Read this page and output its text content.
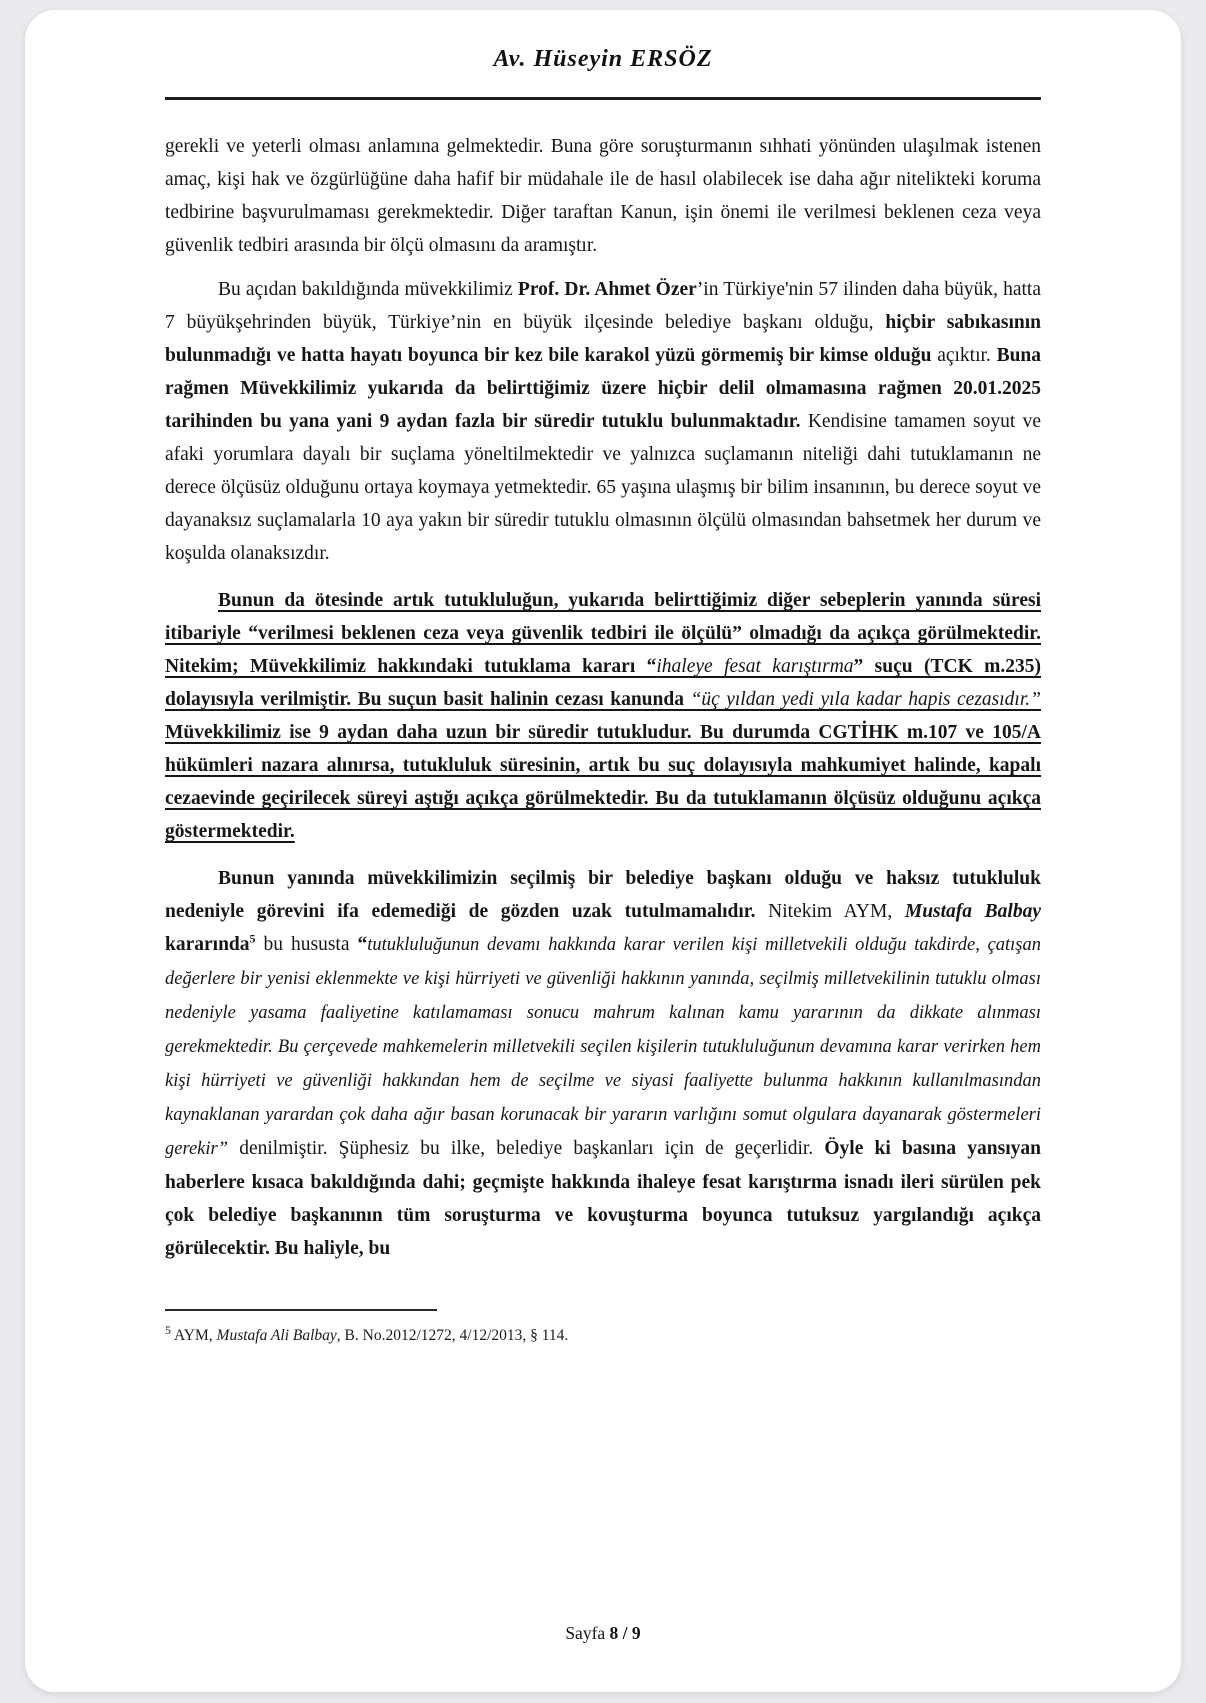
Av. Hüseyin ERSÖZ

gerekli ve yeterli olması anlamına gelmektedir. Buna göre soruşturmanın sıhhati yönünden ulaşılmak istenen amaç, kişi hak ve özgürlüğüne daha hafif bir müdahale ile de hasıl olabilecek ise daha ağır nitelikteki koruma tedbirine başvurulmaması gerekmektedir. Diğer taraftan Kanun, işin önemi ile verilmesi beklenen ceza veya güvenlik tedbiri arasında bir ölçü olmasını da aramıştır.

Bu açıdan bakıldığında müvekkilimiz Prof. Dr. Ahmet Özer’in Türkiye'nin 57 ilinden daha büyük, hatta 7 büyükşehrinden büyük, Türkiye’nin en büyük ilçesinde belediye başkanı olduğu, hiçbir sabıkasının bulunmadığı ve hatta hayatı boyunca bir kez bile karakol yüzü görmemiş bir kimse olduğu açıktır. Buna rağmen Müvekkilimiz yukarıda da belirttiğimiz üzere hiçbir delil olmamasına rağmen 20.01.2025 tarihinden bu yana yani 9 aydan fazla bir süredir tutuklu bulunmaktadır. Kendisine tamamen soyut ve afaki yorumlara dayalı bir suçlama yöneltilmektedir ve yalnızca suçlamanın niteliği dahi tutuklamanın ne derece ölçüsüz olduğunu ortaya koymaya yetmektedir. 65 yaşına ulaşmış bir bilim insanının, bu derece soyut ve dayanaksız suçlamalarla 10 aya yakın bir süredir tutuklu olmasının ölçülü olmasından bahsetmek her durum ve koşulda olanaksızdır.

Bunun da ötesinde artık tutukluluğun, yukarıda belirttiğimiz diğer sebeplerin yanında süresi itibariyle “verilmesi beklenen ceza veya güvenlik tedbiri ile ölçülü” olmadığı da açıkça görülmektedir. Nitekim; Müvekkilimiz hakkındaki tutuklama kararı “ihaleye fesat karıştırma” suçu (TCK m.235) dolayısıyla verilmiştir. Bu suçun basit halinin cezası kanunda “üç yıldan yedi yıla kadar hapis cezasıdır.” Müvekkilimiz ise 9 aydan daha uzun bir süredir tutukludur. Bu durumda CGTİHK m.107 ve 105/A hükümleri nazara alınırsa, tutukluluk süresinin, artık bu suç dolayısıyla mahkumiyet halinde, kapalı cezaevinde geçirilecek süreyi aştığı açıkça görülmektedir. Bu da tutuklamanın ölçüsüz olduğunu açıkça göstermektedir.

Bunun yanında müvekkilimizin seçilmiş bir belediye başkanı olduğu ve haksız tutukluluk nedeniyle görevini ifa edemediği de gözden uzak tutulmamalıdır. Nitekim AYM, Mustafa Balbay kararında$^5$ bu hususta “tutukluluğunun devamı hakkında karar verilen kişi milletvekili olduğu takdirde, çatışan değerlere bir yenisi eklenmekte ve kişi hürriyeti ve güvenliği hakkının yanında, seçilmiş milletvekilinin tutuklu olması nedeniyle yasama faaliyetine katılamaması sonucu mahrum kalınan kamu yararının da dikkate alınması gerekmektedir. Bu çerçevede mahkemelerin milletvekili seçilen kişilerin tutukluluğunun devamına karar verirken hem kişi hürriyeti ve güvenliği hakkından hem de seçilme ve siyasi faaliyette bulunma hakkının kullanılmasından kaynaklanan yarardan çok daha ağır basan korunacak bir yararın varlığını somut olgulara dayanarak göstermeleri gerekir” denilmiştir. Şüphesiz bu ilke, belediye başkanları için de geçerlidir. Öyle ki basına yansıyan haberlere kısaca bakıldığında dahi; geçmişte hakkında ihaleye fesat karıştırma isnadı ileri sürülen pek çok belediye başkanının tüm soruşturma ve kovuşturma boyunca tutuksuz yargılandığı açıkça görülecektir. Bu haliyle, bu

$^5$ AYM, Mustafa Ali Balbay, B. No.2012/1272, 4/12/2013, § 114.
Sayfa 8 / 9
